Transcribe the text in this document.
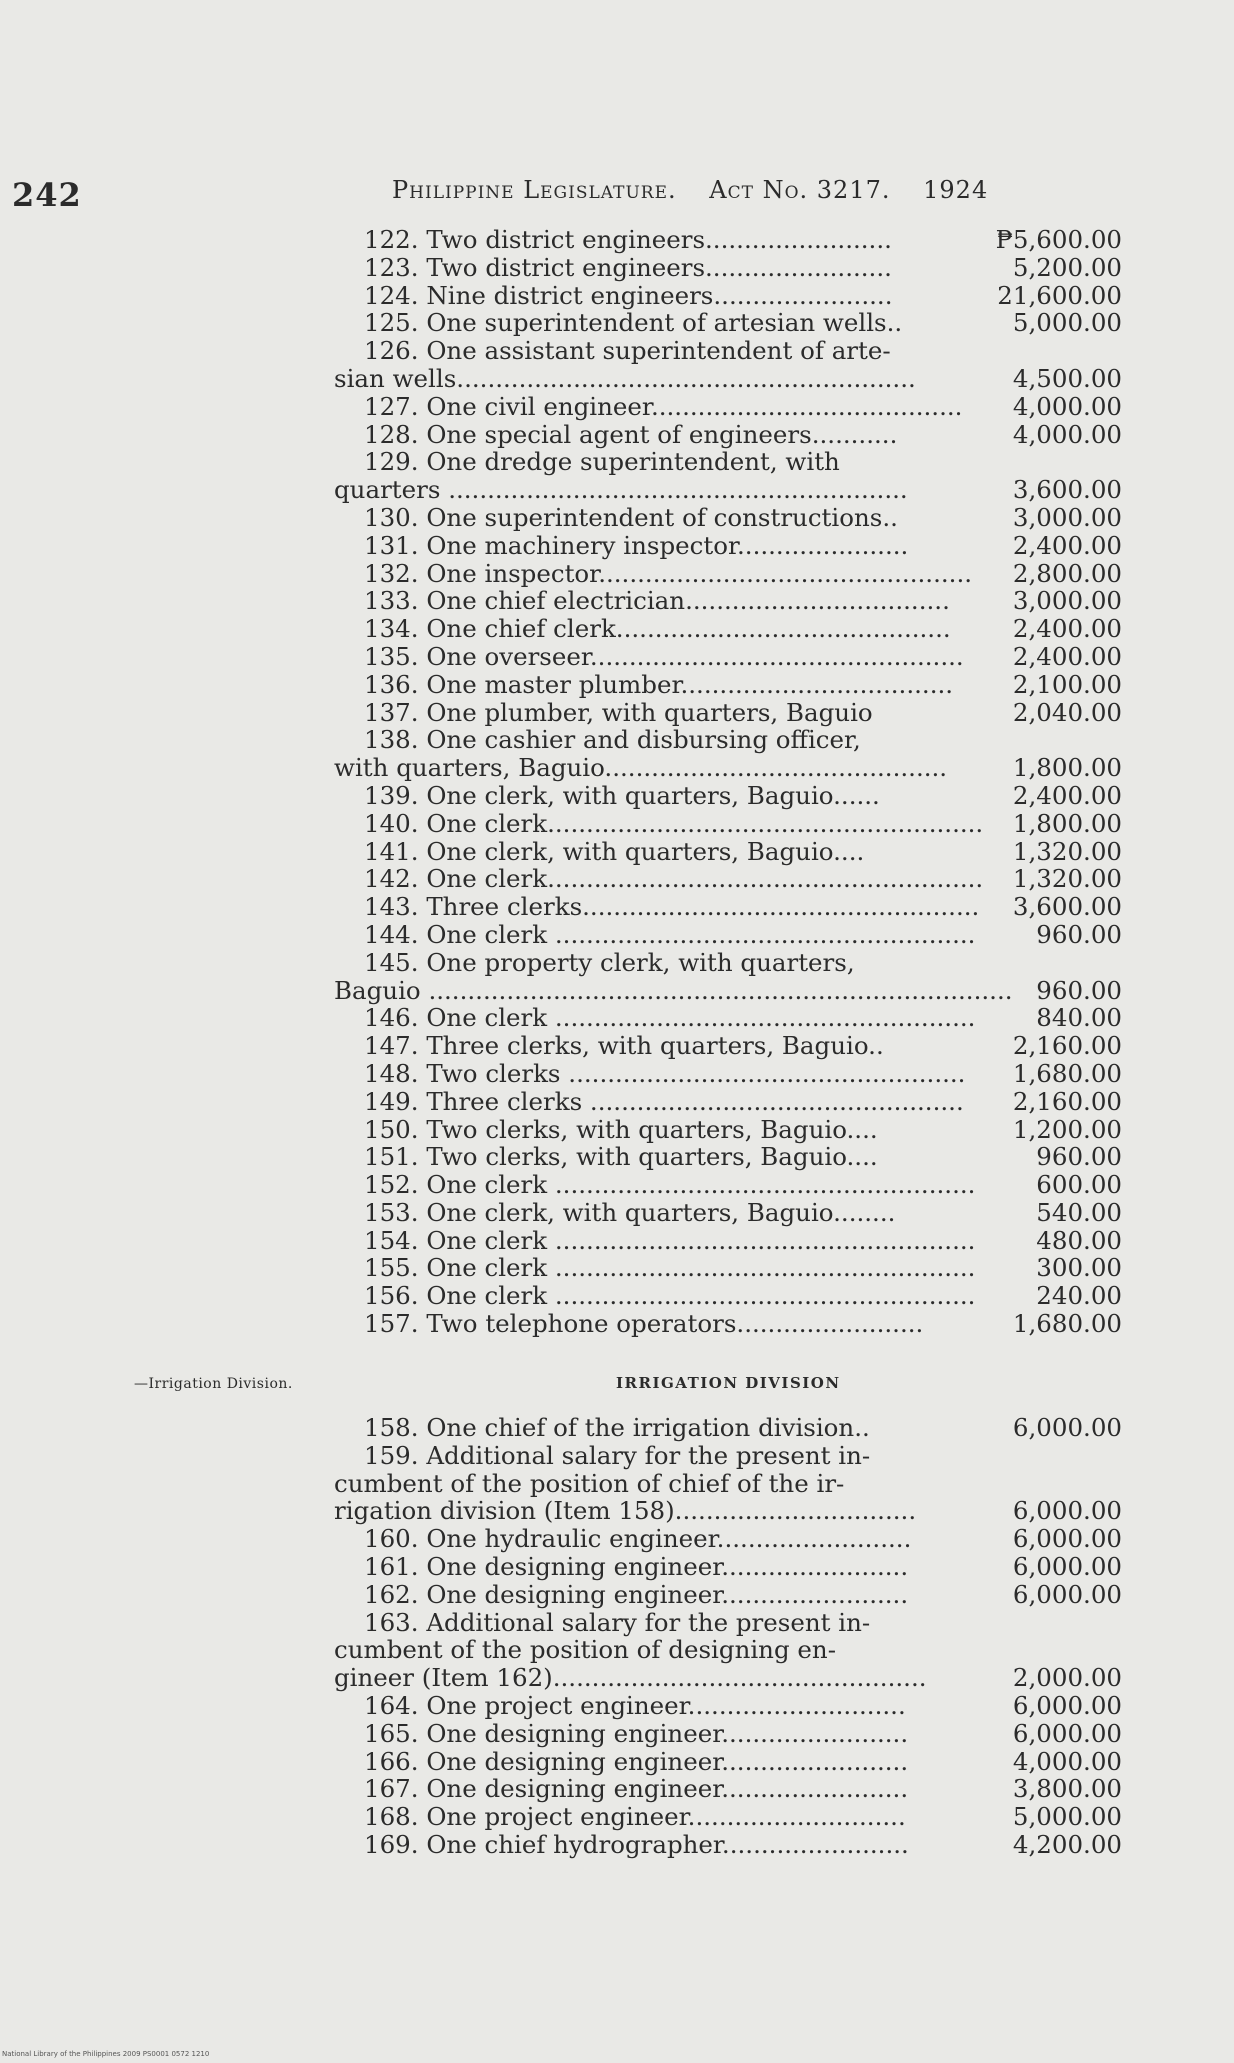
242	Philippine Legislature. Act No. 3217. 1924
122. Two district engineers........................
123. Two district engineers........................
124. Nine district engineers.......................
125. One superintendent of artesian wells..
126. One assistant superintendent of arte-
sian wells...........................................................
127. One civil engineer........................................
128. One special agent of engineers...........
129. One dredge superintendent, with
quarters ...........................................................
130. One superintendent of constructions..
131. One machinery inspector......................
132. One inspector................................................
133. One chief electrician..................................
134. One chief clerk...........................................
135. One overseer................................................
136. One master plumber...................................
137. One plumber, with quarters, Baguio
138. One cashier and disbursing officer,
with quarters, Baguio............................................
139. One clerk, with quarters, Baguio......
140. One clerk........................................................
141. One clerk, with quarters, Baguio....
142. One clerk........................................................
143. Three clerks...................................................
144. One clerk ......................................................
145. One property clerk, with quarters,
Baguio ...........................................................................
146. One clerk ......................................................
147. Three clerks, with quarters, Baguio..
148. Two clerks ...................................................
149. Three clerks ................................................
150. Two clerks, with quarters, Baguio....
151. Two clerks, with quarters, Baguio....
152. One clerk ......................................................
153. One clerk, with quarters, Baguio........
154. One clerk ......................................................
155. One clerk ......................................................
156. One clerk ......................................................
157. Two telephone operators........................
₱5,600.00
5,200.00
21,600.00
5,000.00

4,500.00
4,000.00
4,000.00

3,600.00
3,000.00
2,400.00
2,800.00
3,000.00
2,400.00
2,400.00
2,100.00
2,040.00

1,800.00
2,400.00
1,800.00
1,320.00
1,320.00
3,600.00
960.00

960.00
840.00
2,160.00
1,680.00
2,160.00
1,200.00
960.00
600.00
540.00
480.00
300.00
240.00
1,680.00
—Irrigation Division.	IRRIGATION DIVISION
158. One chief of the irrigation division..
159. Additional salary for the present in-
cumbent of the position of chief of the ir-
rigation division (Item 158)...............................
160. One hydraulic engineer.........................
161. One designing engineer........................
162. One designing engineer........................
163. Additional salary for the present in-
cumbent of the position of designing en-
gineer (Item 162)................................................
164. One project engineer............................
165. One designing engineer........................
166. One designing engineer........................
167. One designing engineer........................
168. One project engineer............................
169. One chief hydrographer........................
6,000.00

6,000.00
6,000.00
6,000.00
6,000.00

2,000.00
6,000.00
6,000.00
4,000.00
3,800.00
5,000.00
4,200.00
National Library of the Philippines 2009 PS0001 0572 1210
